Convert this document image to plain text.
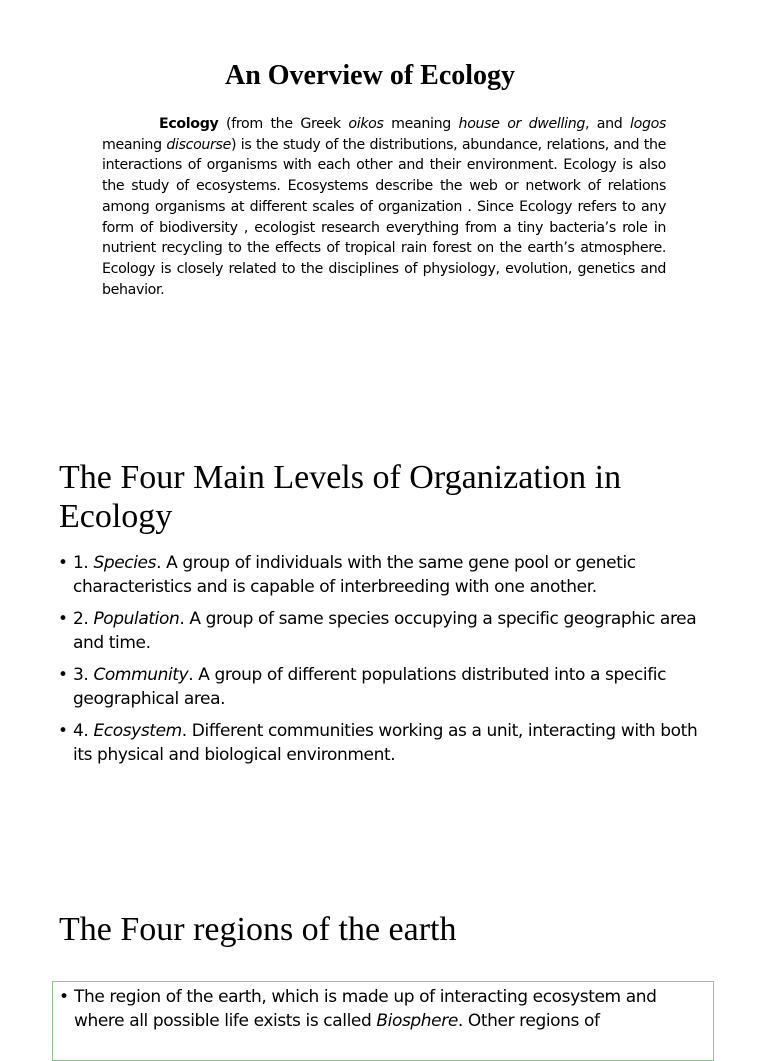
An Overview of Ecology

Ecology (from the Greek oikos meaning house or dwelling, and logos meaning discourse) is the study of the distributions, abundance, relations, and the interactions of organisms with each other and their environment. Ecology is also the study of ecosystems. Ecosystems describe the web or network of relations among organisms at different scales of organization . Since Ecology refers to any form of biodiversity , ecologist research everything from a tiny bacteria’s role in nutrient recycling to the effects of tropical rain forest on the earth’s atmosphere. Ecology is closely related to the disciplines of physiology, evolution, genetics and behavior.

The Four Main Levels of Organization in Ecology
• 1. Species. A group of individuals with the same gene pool or genetic characteristics and is capable of interbreeding with one another.
• 2. Population. A group of same species occupying a specific geographic area and time.
• 3. Community. A group of different populations distributed into a specific geographical area.
• 4. Ecosystem. Different communities working as a unit, interacting with both its physical and biological environment.
The Four regions of the earth
• The region of the earth, which is made up of interacting ecosystem and where all possible life exists is called Biosphere. Other regions of
